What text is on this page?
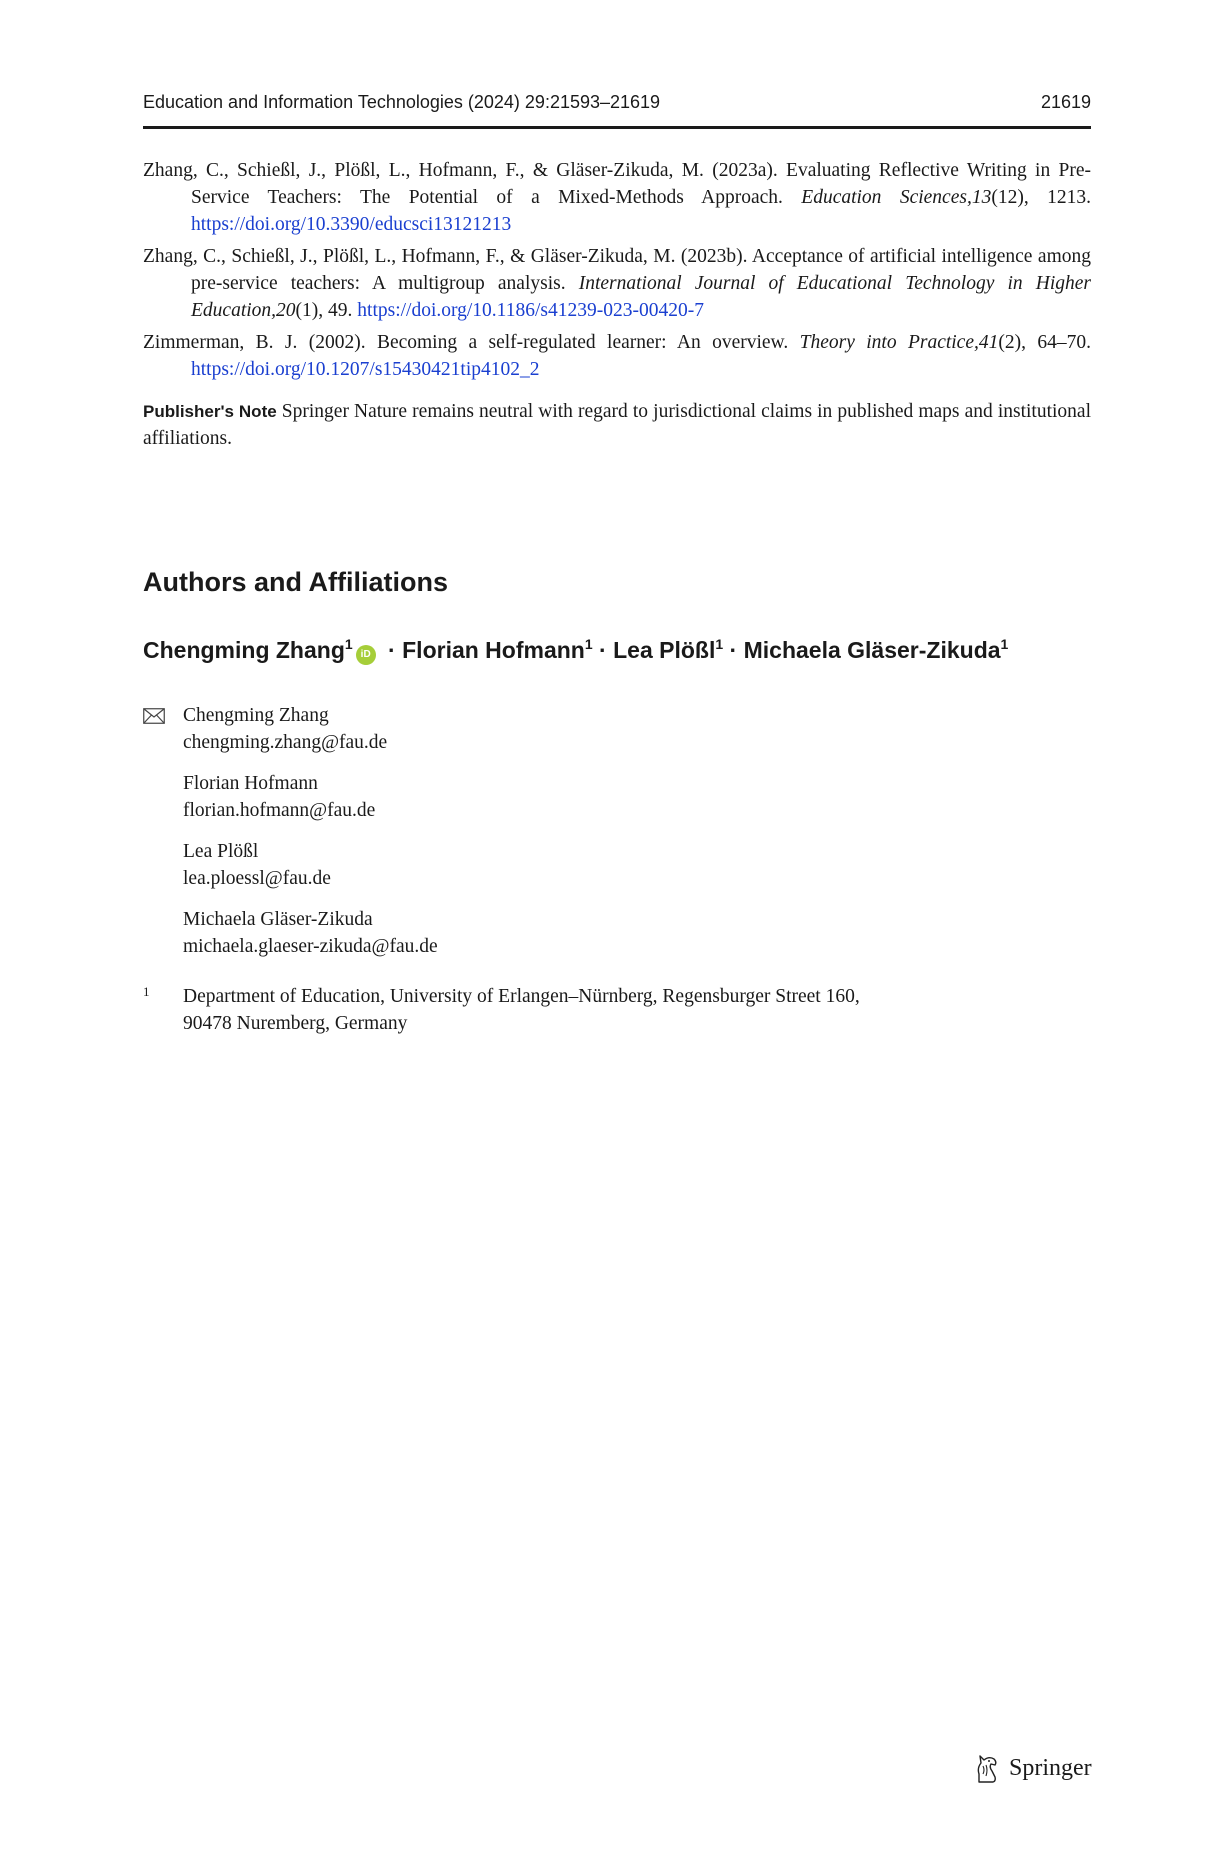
Education and Information Technologies (2024) 29:21593–21619	21619

Zhang, C., Schießl, J., Plößl, L., Hofmann, F., & Gläser-Zikuda, M. (2023a). Evaluating Reflective Writing in Pre-Service Teachers: The Potential of a Mixed-Methods Approach. Education Sciences,13(12), 1213. https://doi.org/10.3390/educsci13121213

Zhang, C., Schießl, J., Plößl, L., Hofmann, F., & Gläser-Zikuda, M. (2023b). Acceptance of artificial intelligence among pre-service teachers: A multigroup analysis. International Journal of Educational Technology in Higher Education,20(1), 49. https://doi.org/10.1186/s41239-023-00420-7

Zimmerman, B. J. (2002). Becoming a self-regulated learner: An overview. Theory into Practice,41(2), 64–70. https://doi.org/10.1207/s15430421tip4102_2

Publisher's Note Springer Nature remains neutral with regard to jurisdictional claims in published maps and institutional affiliations.
Authors and Affiliations
Chengming Zhang$^1$iD · Florian Hofmann$^1$ · Lea Plößl$^1$ · Michaela Gläser-Zikuda$^1$
Chengming Zhang
chengming.zhang@fau.de
Florian Hofmann
florian.hofmann@fau.de
Lea Plößl
lea.ploessl@fau.de
Michaela Gläser-Zikuda
michaela.glaeser-zikuda@fau.de
1 Department of Education, University of Erlangen–Nürnberg, Regensburger Street 160,
90478 Nuremberg, Germany
Springer
